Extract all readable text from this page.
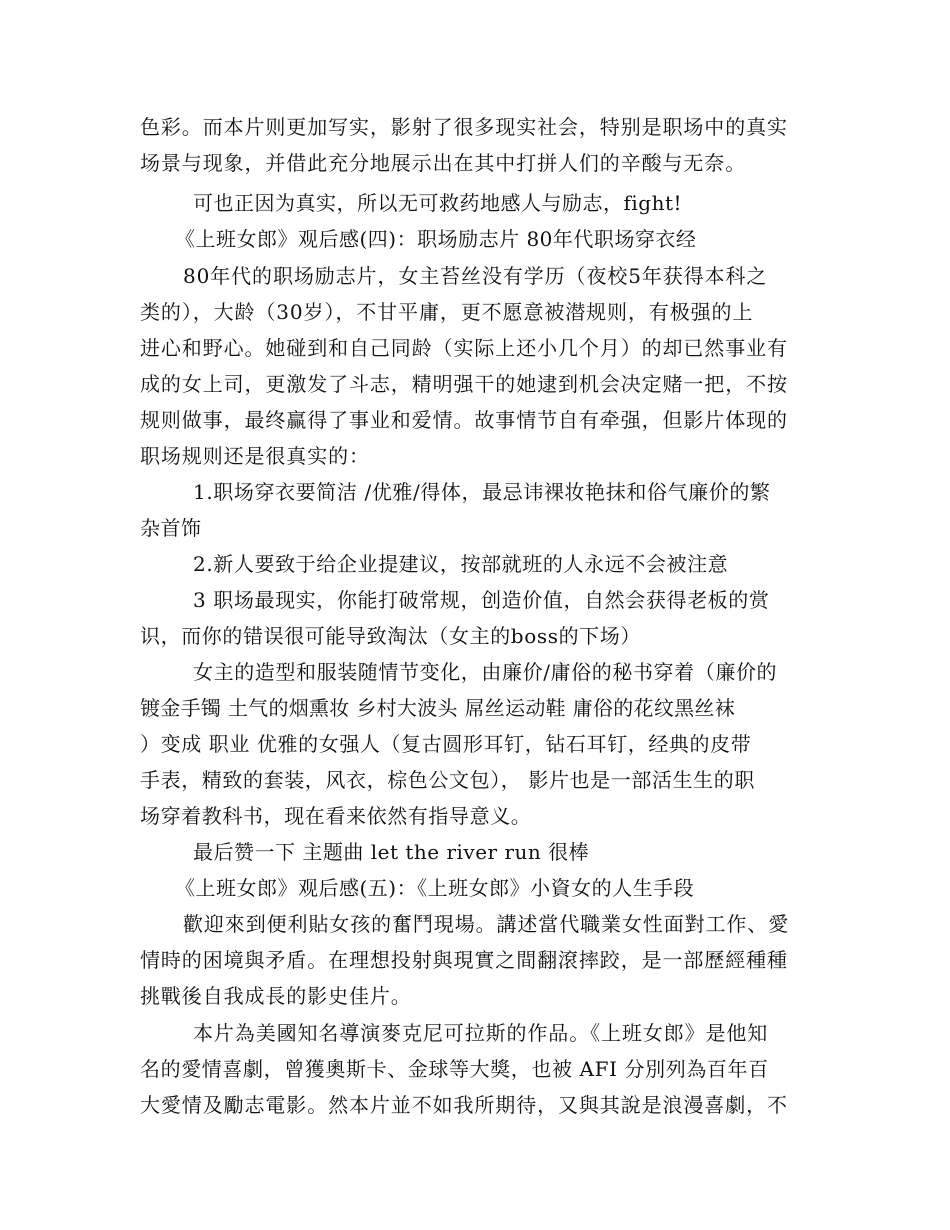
色彩。而本片则更加写实，影射了很多现实社会，特别是职场中的真实
场景与现象，并借此充分地展示出在其中打拼人们的辛酸与无奈。
可也正因为真实，所以无可救药地感人与励志，fight!
《上班女郎》观后感(四)：职场励志片 80年代职场穿衣经
80年代的职场励志片，女主苔丝没有学历（夜校5年获得本科之
类的），大龄（30岁），不甘平庸，更不愿意被潜规则，有极强的上
进心和野心。她碰到和自己同龄（实际上还小几个月）的却已然事业有
成的女上司，更激发了斗志，精明强干的她逮到机会决定赌一把，不按
规则做事，最终赢得了事业和爱情。故事情节自有牵强，但影片体现的
职场规则还是很真实的：
1.职场穿衣要简洁 /优雅/得体，最忌讳裸妆艳抹和俗气廉价的繁
杂首饰
2.新人要致于给企业提建议，按部就班的人永远不会被注意
3 职场最现实，你能打破常规，创造价值，自然会获得老板的赏
识，而你的错误很可能导致淘汰（女主的boss的下场）
女主的造型和服装随情节变化，由廉价/庸俗的秘书穿着（廉价的
镀金手镯 土气的烟熏妆 乡村大波头 屌丝运动鞋 庸俗的花纹黑丝袜
）变成 职业 优雅的女强人（复古圆形耳钉，钻石耳钉，经典的皮带
手表，精致的套装，风衣，棕色公文包）， 影片也是一部活生生的职
场穿着教科书，现在看来依然有指导意义。
最后赞一下 主题曲 let the river run 很棒
《上班女郎》观后感(五)：《上班女郎》小資女的人生手段
歡迎來到便利貼女孩的奮鬥現場。講述當代職業女性面對工作、愛
情時的困境與矛盾。在理想投射與現實之間翻滾摔跤，是一部歷經種種
挑戰後自我成長的影史佳片。
本片為美國知名導演麥克尼可拉斯的作品。《上班女郎》是他知
名的愛情喜劇，曾獲奧斯卡、金球等大獎，也被 AFI 分別列為百年百
大愛情及勵志電影。然本片並不如我所期待，又與其說是浪漫喜劇，不
